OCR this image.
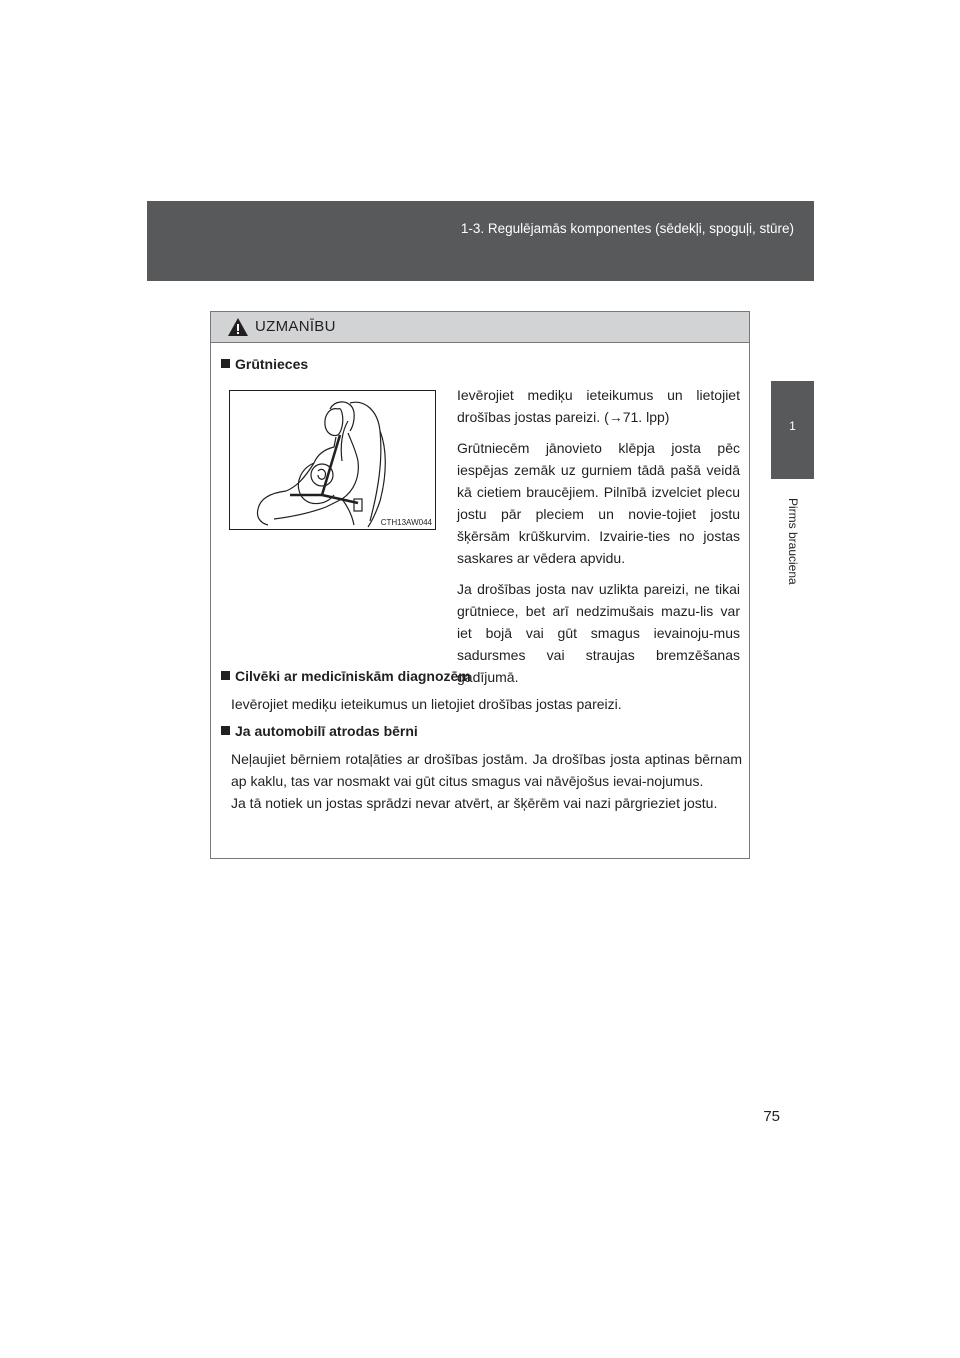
1-3. Regulējamās komponentes (sēdekļi, spoguļi, stūre)
1
Pirms brauciena
UZMANĪBU
Grūtnieces
CTH13AW044

Ievērojiet mediķu ieteikumus un lietojiet drošības jostas pareizi. (→71. lpp)

Grūtniecēm jānovieto klēpja josta pēc iespējas zemāk uz gurniem tādā pašā veidā kā cietiem braucējiem. Pilnībā izvelciet plecu jostu pār pleciem un novie-tojiet jostu šķērsām krūškurvim. Izvairie-ties no jostas saskares ar vēdera apvidu.

Ja drošības josta nav uzlikta pareizi, ne tikai grūtniece, bet arī nedzimušais mazu-lis var iet bojā vai gūt smagus ievainoju-mus sadursmes vai straujas bremzēšanas gadījumā.

Cilvēki ar medicīniskām diagnozēm

Ievērojiet mediķu ieteikumus un lietojiet drošības jostas pareizi.

Ja automobilī atrodas bērni

Neļaujiet bērniem rotaļāties ar drošības jostām. Ja drošības josta aptinas bērnam ap kaklu, tas var nosmakt vai gūt citus smagus vai nāvējošus ievai-nojumus.

Ja tā notiek un jostas sprādzi nevar atvērt, ar šķērēm vai nazi pārgrieziet jostu.

75
